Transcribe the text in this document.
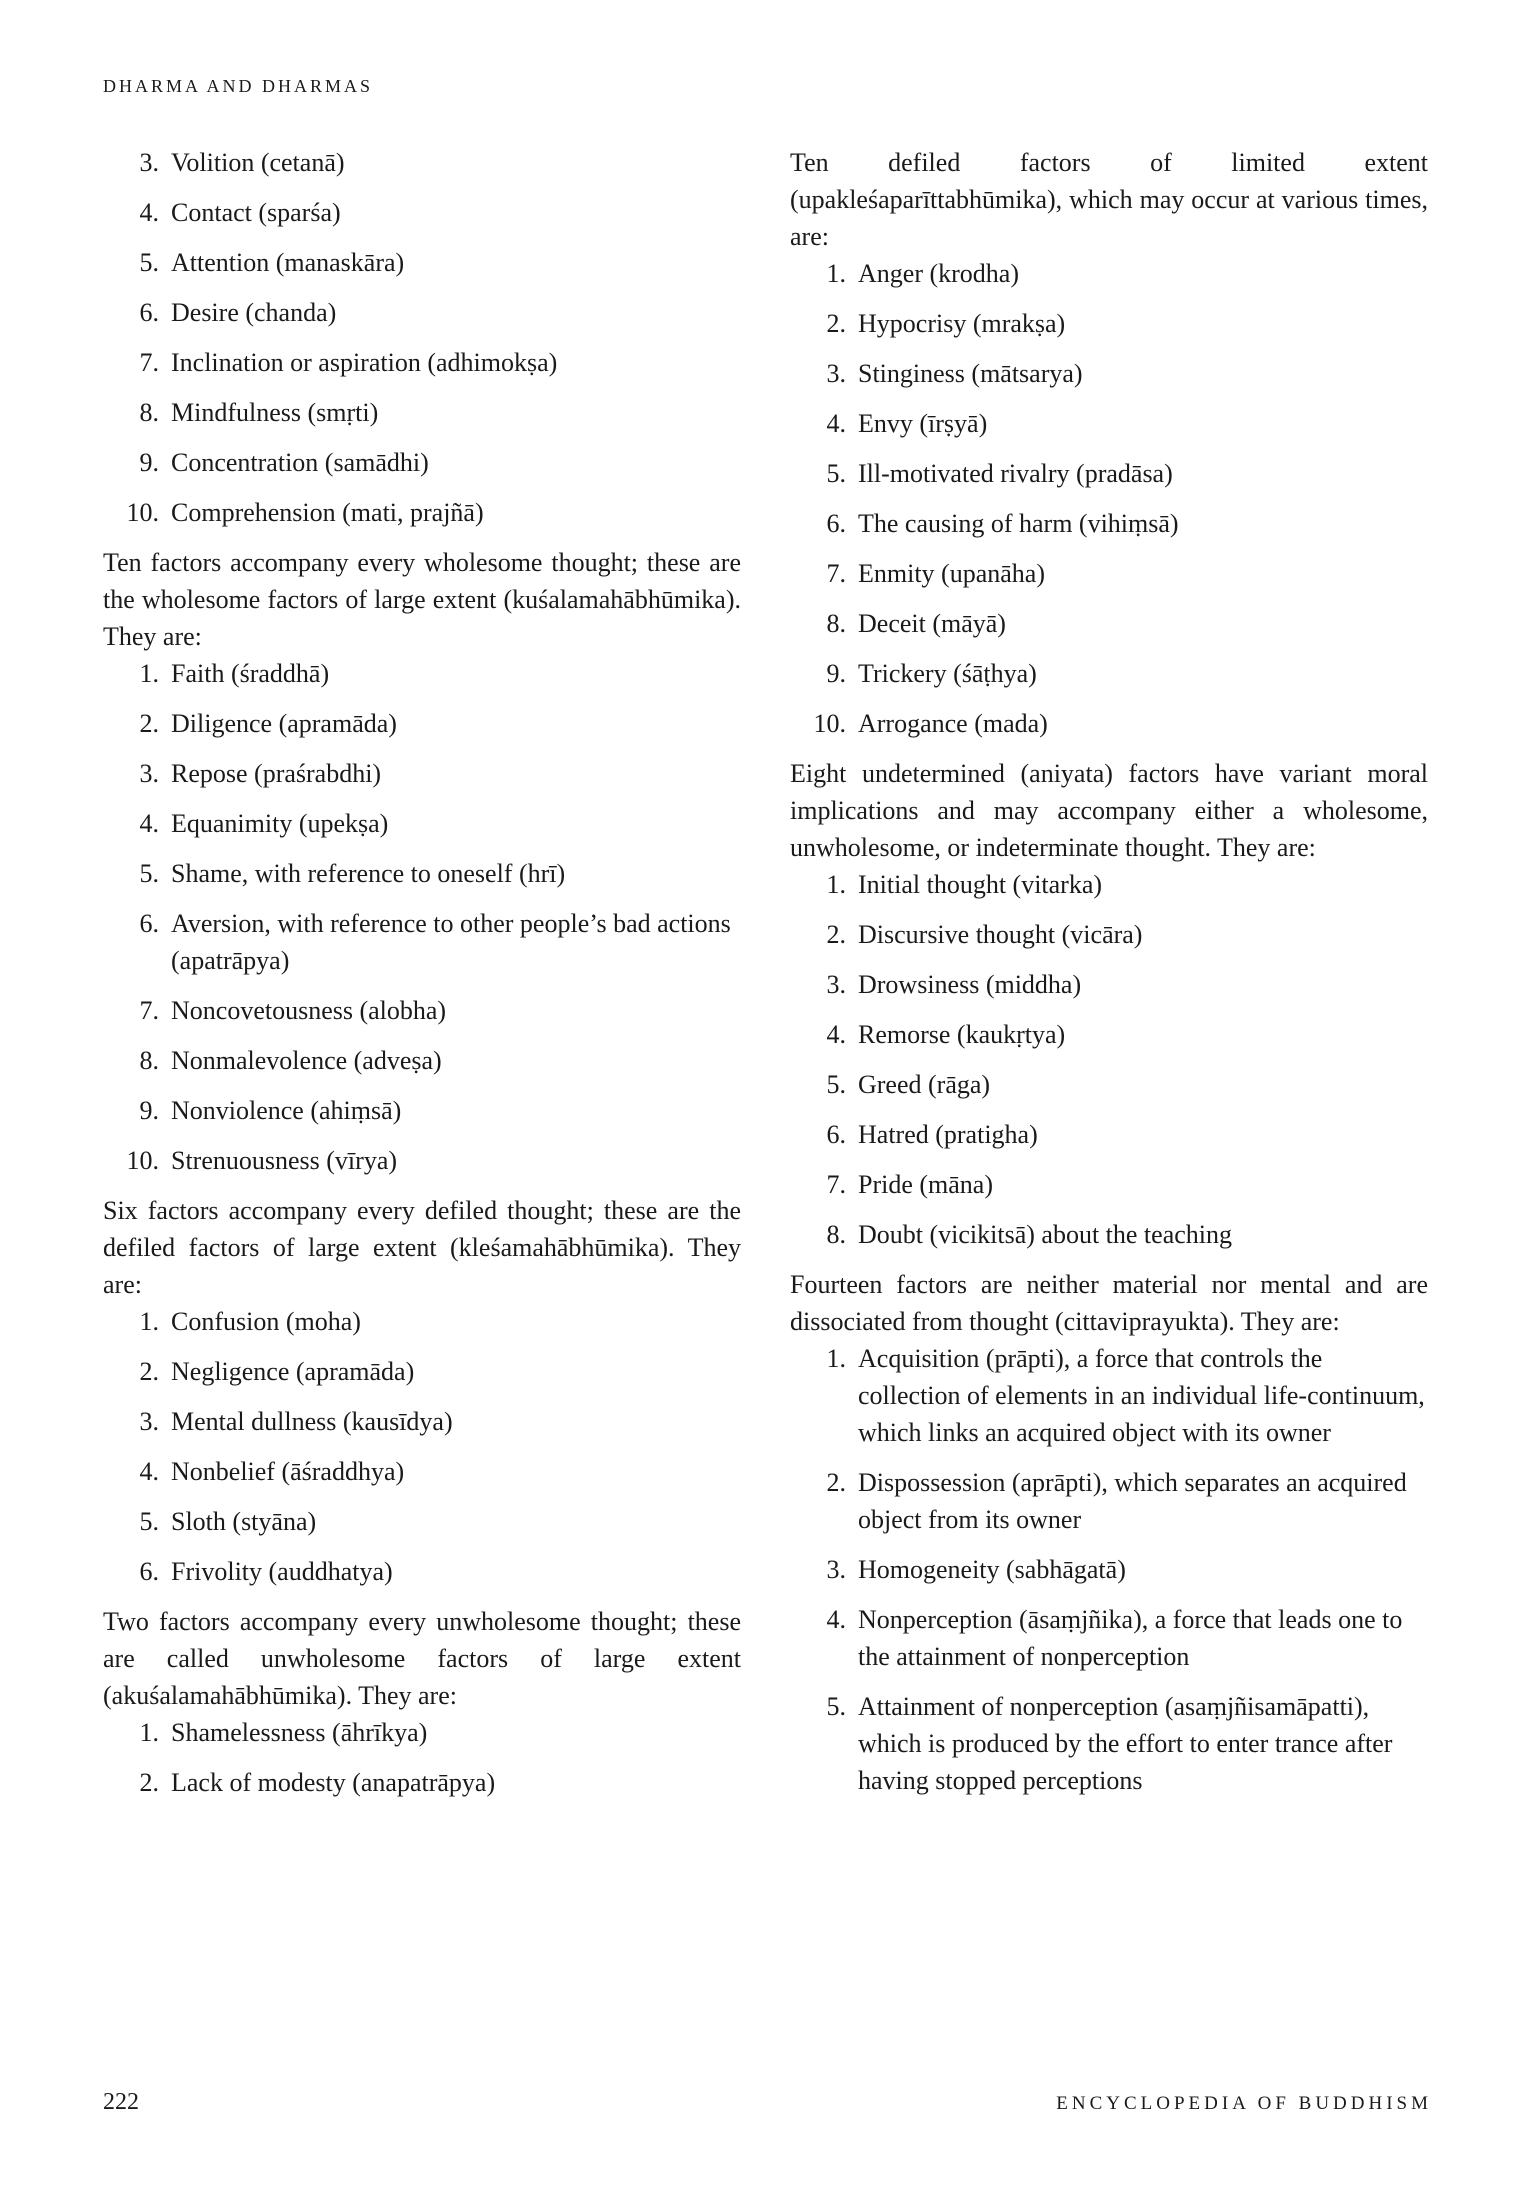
DHARMA AND DHARMAS
3. Volition (cetanā)
4. Contact (sparśa)
5. Attention (manaskāra)
6. Desire (chanda)
7. Inclination or aspiration (adhimokṣa)
8. Mindfulness (smṛti)
9. Concentration (samādhi)
10. Comprehension (mati, prajñā)

Ten factors accompany every wholesome thought; these are the wholesome factors of large extent (kuśalamahābhūmika). They are:

1. Faith (śraddhā)
2. Diligence (apramāda)
3. Repose (praśrabdhi)
4. Equanimity (upekṣa)
5. Shame, with reference to oneself (hrī)
6. Aversion, with reference to other people’s bad actions (apatrāpya)
7. Noncovetousness (alobha)
8. Nonmalevolence (adveṣa)
9. Nonviolence (ahiṃsā)
10. Strenuousness (vīrya)

Six factors accompany every defiled thought; these are the defiled factors of large extent (kleśamahābhūmika). They are:

1. Confusion (moha)
2. Negligence (apramāda)
3. Mental dullness (kausīdya)
4. Nonbelief (āśraddhya)
5. Sloth (styāna)
6. Frivolity (auddhatya)

Two factors accompany every unwholesome thought; these are called unwholesome factors of large extent (akuśalamahābhūmika). They are:

1. Shamelessness (āhrīkya)
2. Lack of modesty (anapatrāpya)

Ten defiled factors of limited extent (upakleśaparīttabhūmika), which may occur at various times, are:

1. Anger (krodha)
2. Hypocrisy (mrakṣa)
3. Stinginess (mātsarya)
4. Envy (īrṣyā)
5. Ill-motivated rivalry (pradāsa)
6. The causing of harm (vihiṃsā)
7. Enmity (upanāha)
8. Deceit (māyā)
9. Trickery (śāṭhya)
10. Arrogance (mada)

Eight undetermined (aniyata) factors have variant moral implications and may accompany either a wholesome, unwholesome, or indeterminate thought. They are:

1. Initial thought (vitarka)
2. Discursive thought (vicāra)
3. Drowsiness (middha)
4. Remorse (kaukṛtya)
5. Greed (rāga)
6. Hatred (pratigha)
7. Pride (māna)
8. Doubt (vicikitsā) about the teaching

Fourteen factors are neither material nor mental and are dissociated from thought (cittaviprayukta). They are:

1. Acquisition (prāpti), a force that controls the collection of elements in an individual life-continuum, which links an acquired object with its owner
2. Dispossession (aprāpti), which separates an acquired object from its owner
3. Homogeneity (sabhāgatā)
4. Nonperception (āsaṃjñika), a force that leads one to the attainment of nonperception
5. Attainment of nonperception (asaṃjñisamāpatti), which is produced by the effort to enter trance after having stopped perceptions
222	ENCYCLOPEDIA OF BUDDHISM
